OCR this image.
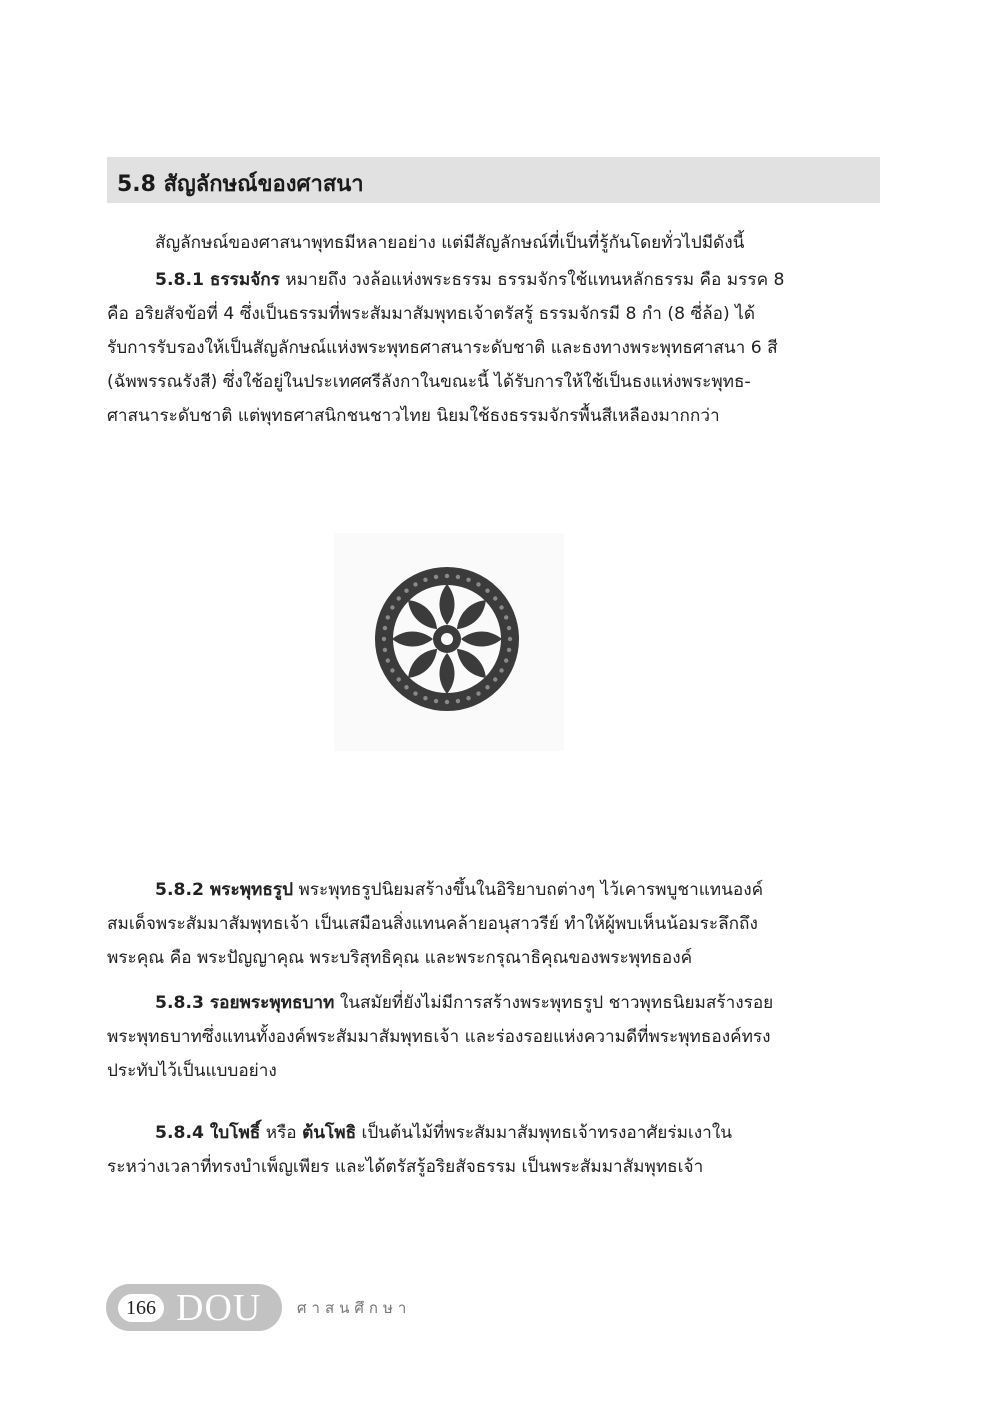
5.8 สัญลักษณ์ของศาสนา
สัญลักษณ์ของศาสนาพุทธมีหลายอย่าง แต่มีสัญลักษณ์ที่เป็นที่รู้กันโดยทั่วไปมีดังนี้
5.8.1 ธรรมจักร หมายถึง วงล้อแห่งพระธรรม ธรรมจักรใช้แทนหลักธรรม คือ มรรค 8
คือ อริยสัจข้อที่ 4 ซึ่งเป็นธรรมที่พระสัมมาสัมพุทธเจ้าตรัสรู้ ธรรมจักรมี 8 กำ (8 ซี่ล้อ) ได้
รับการรับรองให้เป็นสัญลักษณ์แห่งพระพุทธศาสนาระดับชาติ และธงทางพระพุทธศาสนา 6 สี
(ฉัพพรรณรังสี) ซึ่งใช้อยู่ในประเทศศรีลังกาในขณะนี้ ได้รับการให้ใช้เป็นธงแห่งพระพุทธ-
ศาสนาระดับชาติ แต่พุทธศาสนิกชนชาวไทย นิยมใช้ธงธรรมจักรพื้นสีเหลืองมากกว่า
5.8.2 พระพุทธรูป พระพุทธรูปนิยมสร้างขึ้นในอิริยาบถต่างๆ ไว้เคารพบูชาแทนองค์
สมเด็จพระสัมมาสัมพุทธเจ้า เป็นเสมือนสิ่งแทนคล้ายอนุสาวรีย์ ทำให้ผู้พบเห็นน้อมระลึกถึง
พระคุณ คือ พระปัญญาคุณ พระบริสุทธิคุณ และพระกรุณาธิคุณของพระพุทธองค์
5.8.3 รอยพระพุทธบาท ในสมัยที่ยังไม่มีการสร้างพระพุทธรูป ชาวพุทธนิยมสร้างรอย
พระพุทธบาทซึ่งแทนทั้งองค์พระสัมมาสัมพุทธเจ้า และร่องรอยแห่งความดีที่พระพุทธองค์ทรง
ประทับไว้เป็นแบบอย่าง
5.8.4 ใบโพธิ์ หรือ ต้นโพธิ เป็นต้นไม้ที่พระสัมมาสัมพุทธเจ้าทรงอาศัยร่มเงาใน
ระหว่างเวลาที่ทรงบำเพ็ญเพียร และได้ตรัสรู้อริยสัจธรรม เป็นพระสัมมาสัมพุทธเจ้า
166 DOU ศาสนศึกษา
